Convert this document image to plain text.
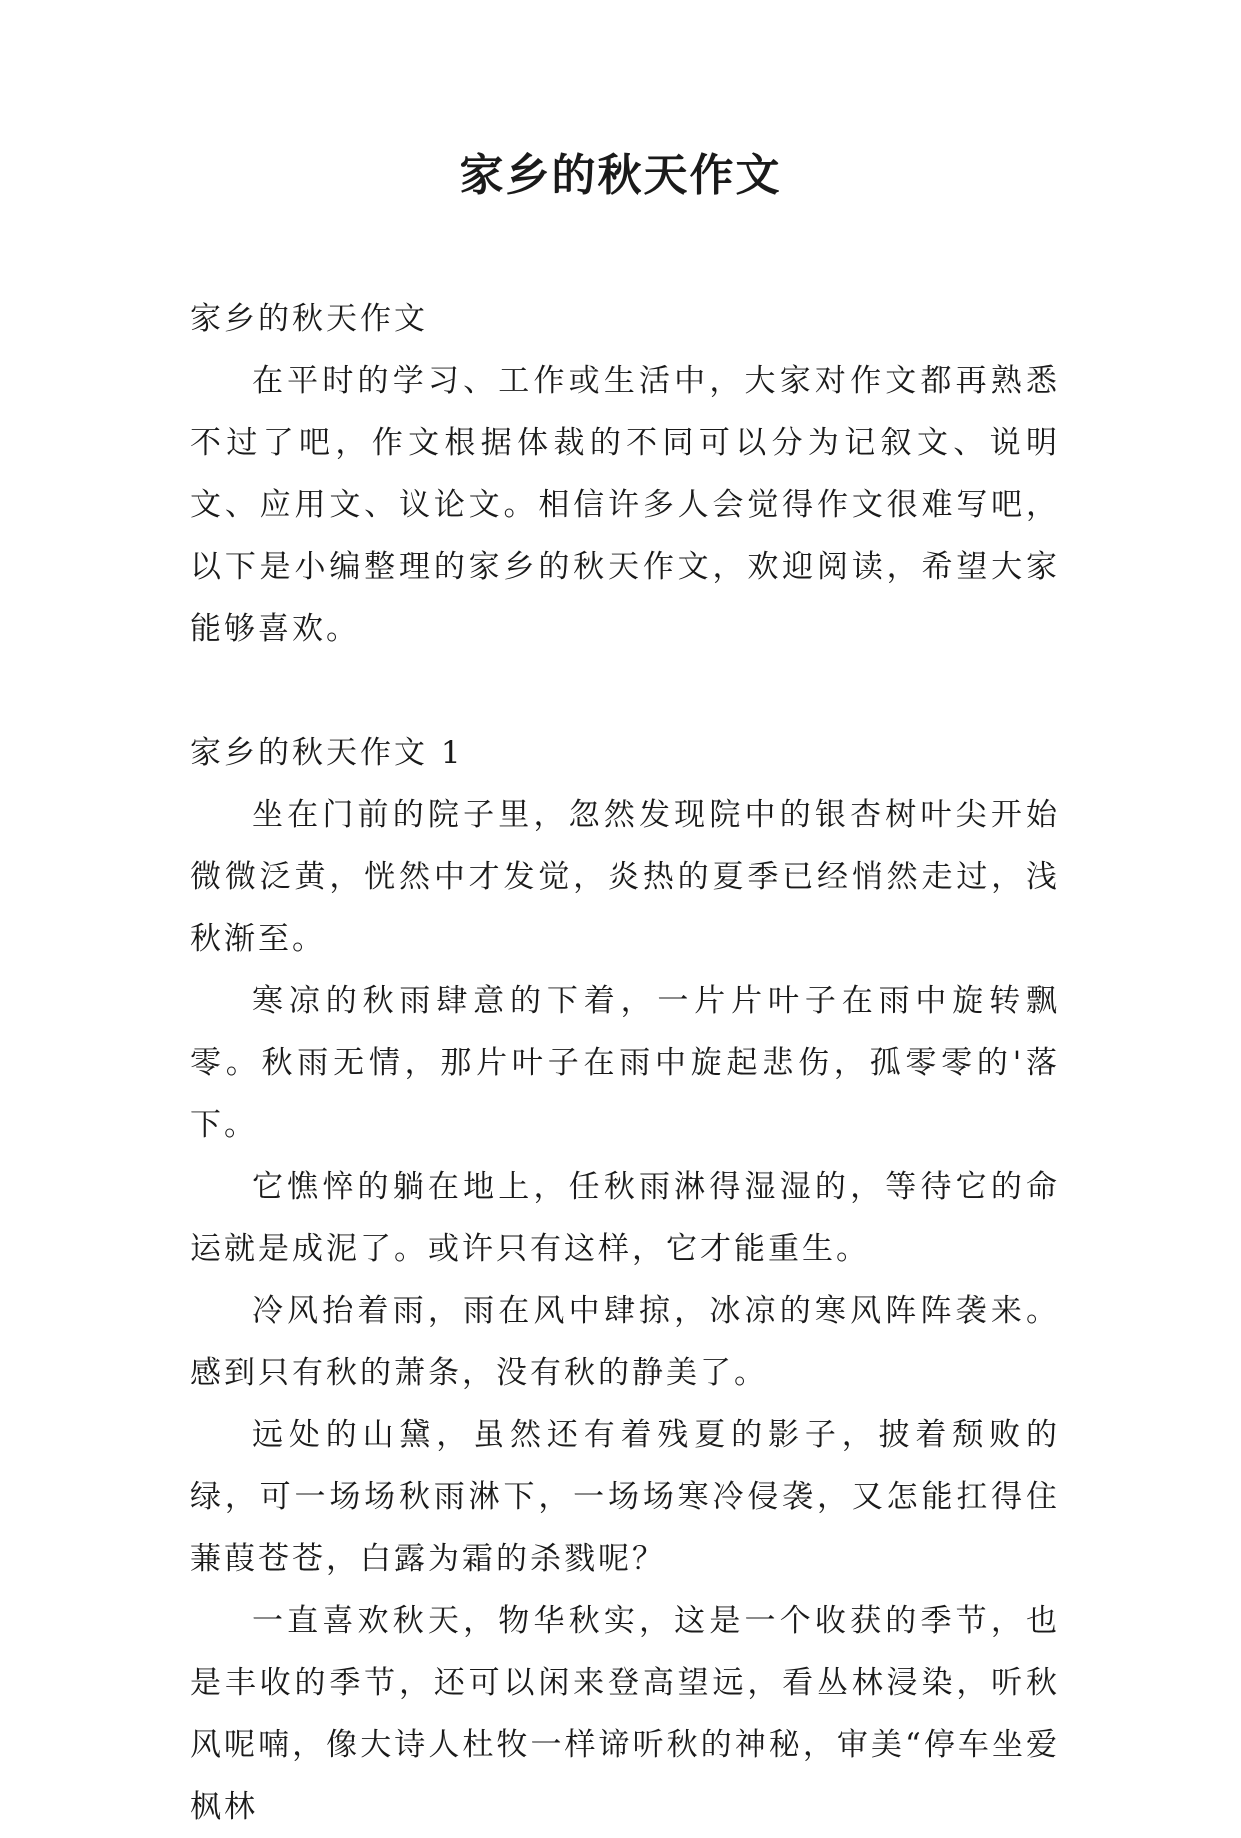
家乡的秋天作文

家乡的秋天作文

在平时的学习、工作或生活中，大家对作文都再熟悉不过了吧，作文根据体裁的不同可以分为记叙文、说明文、应用文、议论文。相信许多人会觉得作文很难写吧，以下是小编整理的家乡的秋天作文，欢迎阅读，希望大家能够喜欢。

家乡的秋天作文 1

坐在门前的院子里，忽然发现院中的银杏树叶尖开始微微泛黄，恍然中才发觉，炎热的夏季已经悄然走过，浅秋渐至。

寒凉的秋雨肆意的下着，一片片叶子在雨中旋转飘零。秋雨无情，那片叶子在雨中旋起悲伤，孤零零的'落下。

它憔悴的躺在地上，任秋雨淋得湿湿的，等待它的命运就是成泥了。或许只有这样，它才能重生。

冷风抬着雨，雨在风中肆掠，冰凉的寒风阵阵袭来。感到只有秋的萧条，没有秋的静美了。

远处的山黛，虽然还有着残夏的影子，披着颓败的绿，可一场场秋雨淋下，一场场寒冷侵袭，又怎能扛得住蒹葭苍苍，白露为霜的杀戮呢？

一直喜欢秋天，物华秋实，这是一个收获的季节，也是丰收的季节，还可以闲来登高望远，看丛林浸染，听秋风呢喃，像大诗人杜牧一样谛听秋的神秘，审美“停车坐爱枫林
